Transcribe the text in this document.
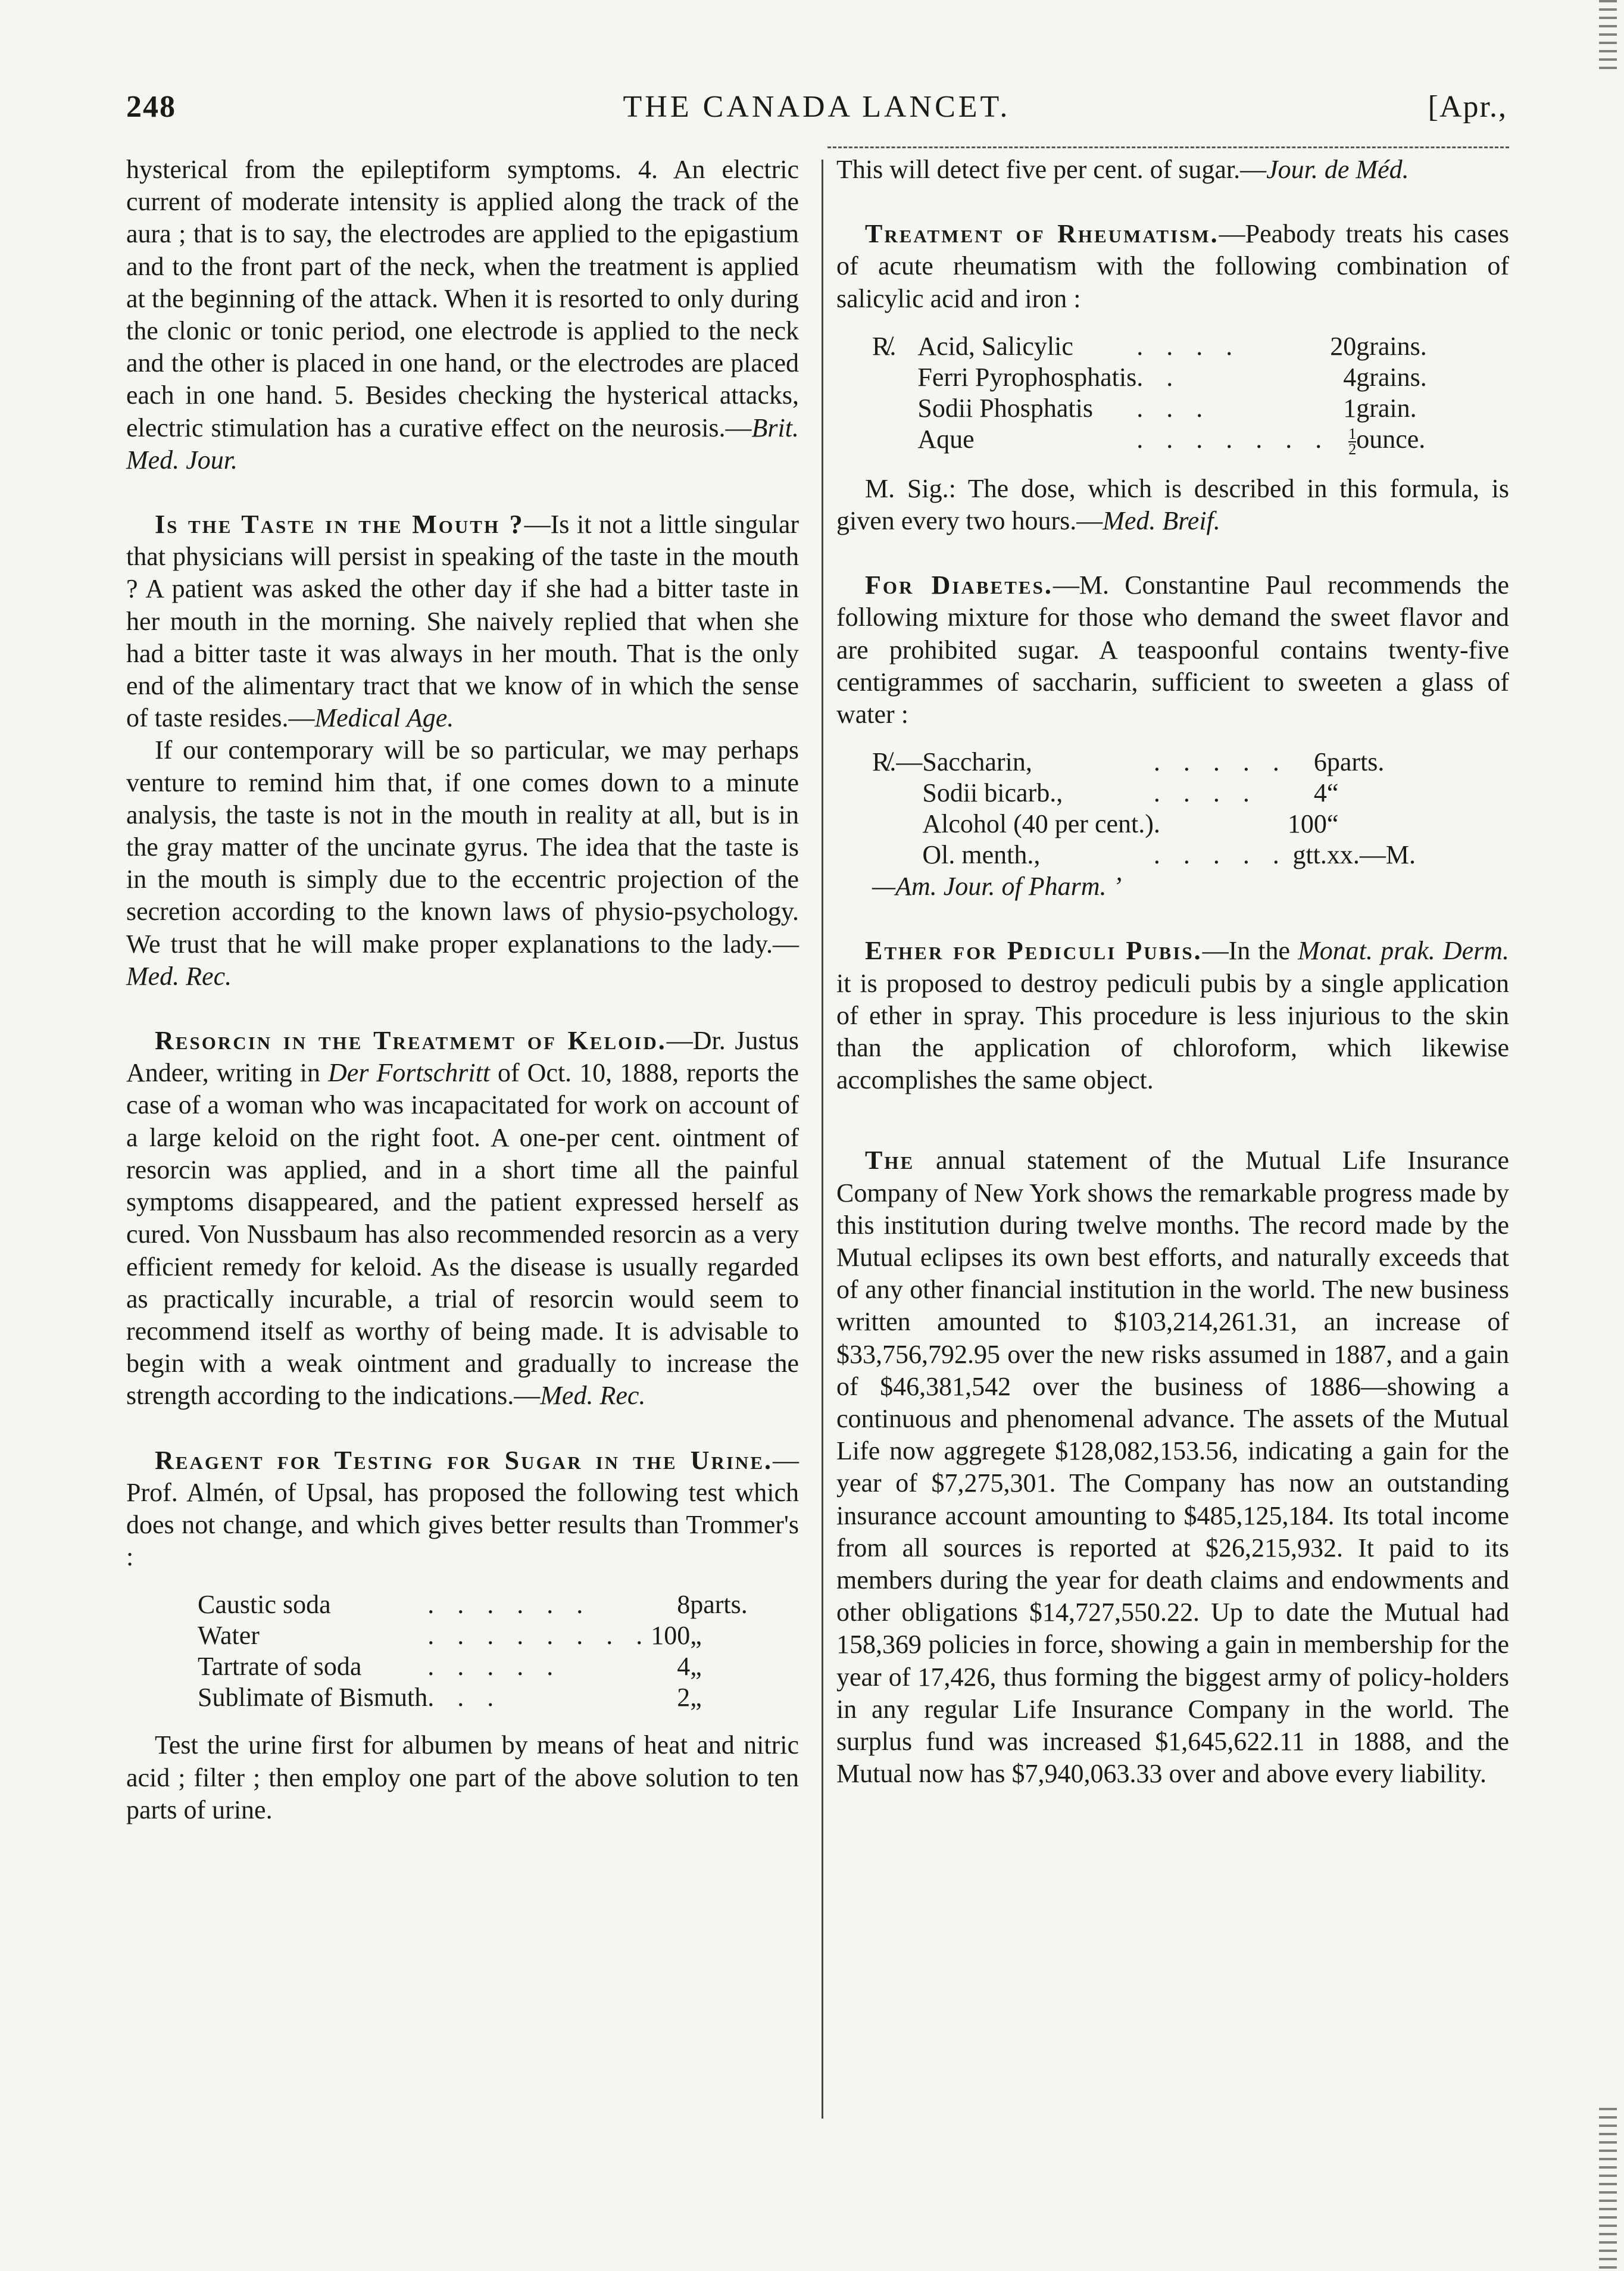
248	THE CANADA LANCET.	[Apr.,

hysterical from the epileptiform symptoms. 4. An electric current of moderate intensity is applied along the track of the aura ; that is to say, the electrodes are applied to the epigastium and to the front part of the neck, when the treatment is applied at the beginning of the attack. When it is resorted to only during the clonic or tonic period, one electrode is applied to the neck and the other is placed in one hand, or the electrodes are placed each in one hand. 5. Besides checking the hysterical attacks, electric stimulation has a curative effect on the neurosis.—Brit. Med. Jour.

Is the Taste in the Mouth ?—Is it not a little singular that physicians will persist in speaking of the taste in the mouth ? A patient was asked the other day if she had a bitter taste in her mouth in the morning. She naively replied that when she had a bitter taste it was always in her mouth. That is the only end of the alimentary tract that we know of in which the sense of taste resides.—Medical Age.

If our contemporary will be so particular, we may perhaps venture to remind him that, if one comes down to a minute analysis, the taste is not in the mouth in reality at all, but is in the gray matter of the uncinate gyrus. The idea that the taste is in the mouth is simply due to the eccentric projection of the secretion according to the known laws of physio-psychology. We trust that he will make proper explanations to the lady.—Med. Rec.

Resorcin in the Treatmemt of Keloid.—Dr. Justus Andeer, writing in Der Fortschritt of Oct. 10, 1888, reports the case of a woman who was incapacitated for work on account of a large keloid on the right foot. A one-per cent. ointment of resorcin was applied, and in a short time all the painful symptoms disappeared, and the patient expressed herself as cured. Von Nussbaum has also recommended resorcin as a very efficient remedy for keloid. As the disease is usually regarded as practically incurable, a trial of resorcin would seem to recommend itself as worthy of being made. It is advisable to begin with a weak ointment and gradually to increase the strength according to the indications.—Med. Rec.

Reagent for Testing for Sugar in the Urine.—Prof. Almén, of Upsal, has proposed the following test which does not change, and which gives better results than Trommer's :

Caustic soda	. . . . . .	8	parts.
Water	. . . . . . . .	100	„
Tartrate of soda	. . . . .	4	„
Sublimate of Bismuth	. . .	2	„

Test the urine first for albumen by means of heat and nitric acid ; filter ; then employ one part of the above solution to ten parts of urine.

This will detect five per cent. of sugar.—Jour. de Méd.

Treatment of Rheumatism.—Peabody treats his cases of acute rheumatism with the following combination of salicylic acid and iron :

R̸.	Acid, Salicylic	. . . .	20	grains.
	Ferri Pyrophosphatis	. .	4	grains.
	Sodii Phosphatis	. . .	1	grain.
	Aque	. . . . . . .	$\frac{1}{2}$	ounce.

M. Sig.: The dose, which is described in this formula, is given every two hours.—Med. Breif.

For Diabetes.—M. Constantine Paul recommends the following mixture for those who demand the sweet flavor and are prohibited sugar. A teaspoonful contains twenty-five centigrammes of saccharin, sufficient to sweeten a glass of water :

R̸.—	Saccharin,	. . . . .	6	parts.
	Sodii bicarb.,	. . . .	4	“
	Alcohol (40 per cent.)	.	100	“
	Ol. menth.,	. . . . .	gtt.	xx.—M.

—Am. Jour. of Pharm. ’

Ether for Pediculi Pubis.—In the Monat. prak. Derm. it is proposed to destroy pediculi pubis by a single application of ether in spray. This procedure is less injurious to the skin than the application of chloroform, which likewise accomplishes the same object.

The annual statement of the Mutual Life Insurance Company of New York shows the remarkable progress made by this institution during twelve months. The record made by the Mutual eclipses its own best efforts, and naturally exceeds that of any other financial institution in the world. The new business written amounted to $103,214,261.31, an increase of $33,756,792.95 over the new risks assumed in 1887, and a gain of $46,381,542 over the business of 1886—showing a continuous and phenomenal advance. The assets of the Mutual Life now aggregete $128,082,153.56, indicating a gain for the year of $7,275,301. The Company has now an outstanding insurance account amounting to $485,125,184. Its total income from all sources is reported at $26,215,932. It paid to its members during the year for death claims and endowments and other obligations $14,727,550.22. Up to date the Mutual had 158,369 policies in force, showing a gain in membership for the year of 17,426, thus forming the biggest army of policy-holders in any regular Life Insurance Company in the world. The surplus fund was increased $1,645,622.11 in 1888, and the Mutual now has $7,940,063.33 over and above every liability.
